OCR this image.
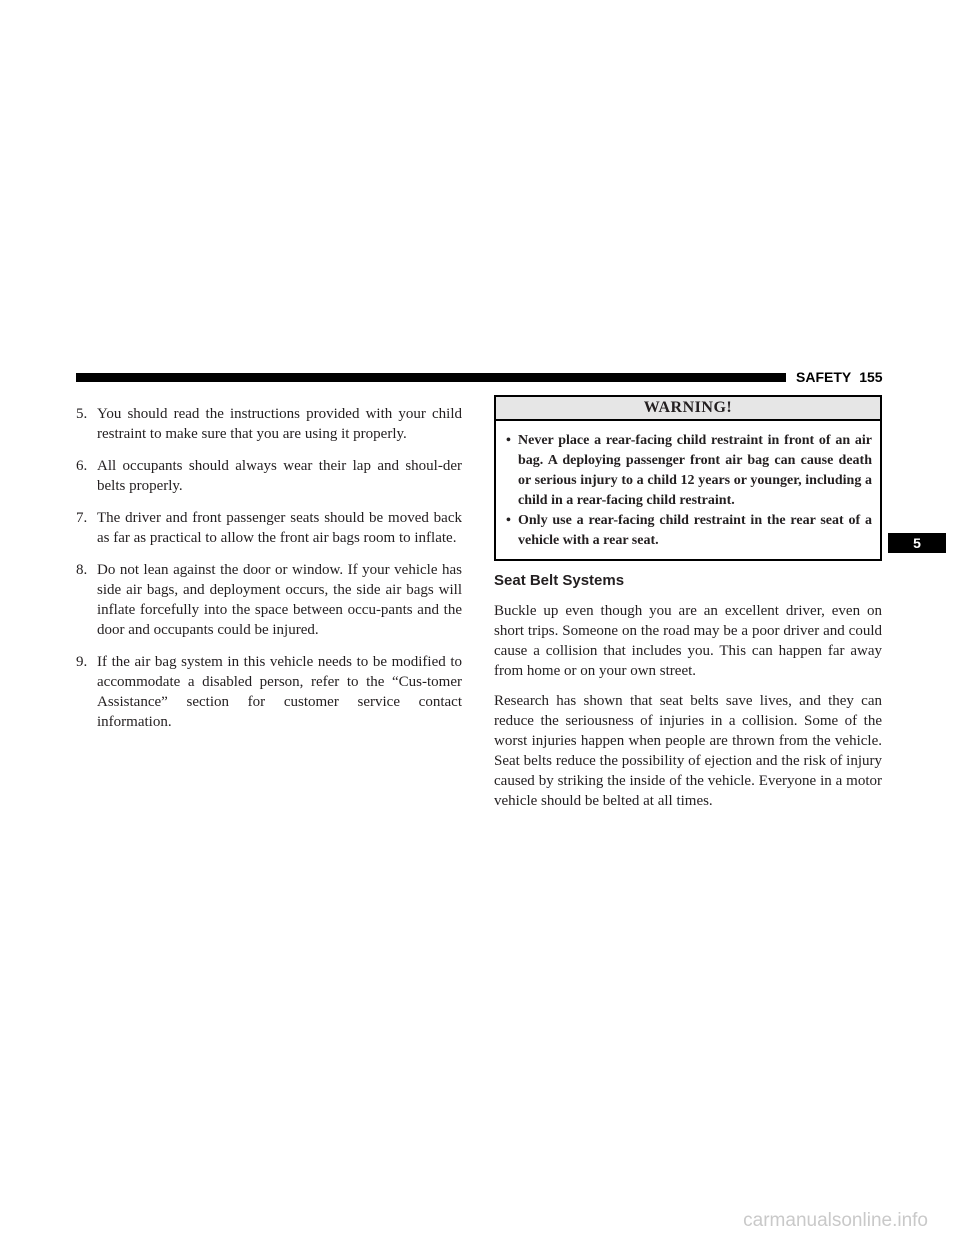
SAFETY 155
5
5. You should read the instructions provided with your child restraint to make sure that you are using it properly.
6. All occupants should always wear their lap and shoul-der belts properly.
7. The driver and front passenger seats should be moved back as far as practical to allow the front air bags room to inflate.
8. Do not lean against the door or window. If your vehicle has side air bags, and deployment occurs, the side air bags will inflate forcefully into the space between occu-pants and the door and occupants could be injured.
9. If the air bag system in this vehicle needs to be modified to accommodate a disabled person, refer to the “Cus-tomer Assistance” section for customer service contact information.
WARNING!
• Never place a rear-facing child restraint in front of an air bag. A deploying passenger front air bag can cause death or serious injury to a child 12 years or younger, including a child in a rear-facing child restraint.
• Only use a rear-facing child restraint in the rear seat of a vehicle with a rear seat.
Seat Belt Systems

Buckle up even though you are an excellent driver, even on short trips. Someone on the road may be a poor driver and could cause a collision that includes you. This can happen far away from home or on your own street.

Research has shown that seat belts save lives, and they can reduce the seriousness of injuries in a collision. Some of the worst injuries happen when people are thrown from the vehicle. Seat belts reduce the possibility of ejection and the risk of injury caused by striking the inside of the vehicle. Everyone in a motor vehicle should be belted at all times.

carmanualsonline.info
